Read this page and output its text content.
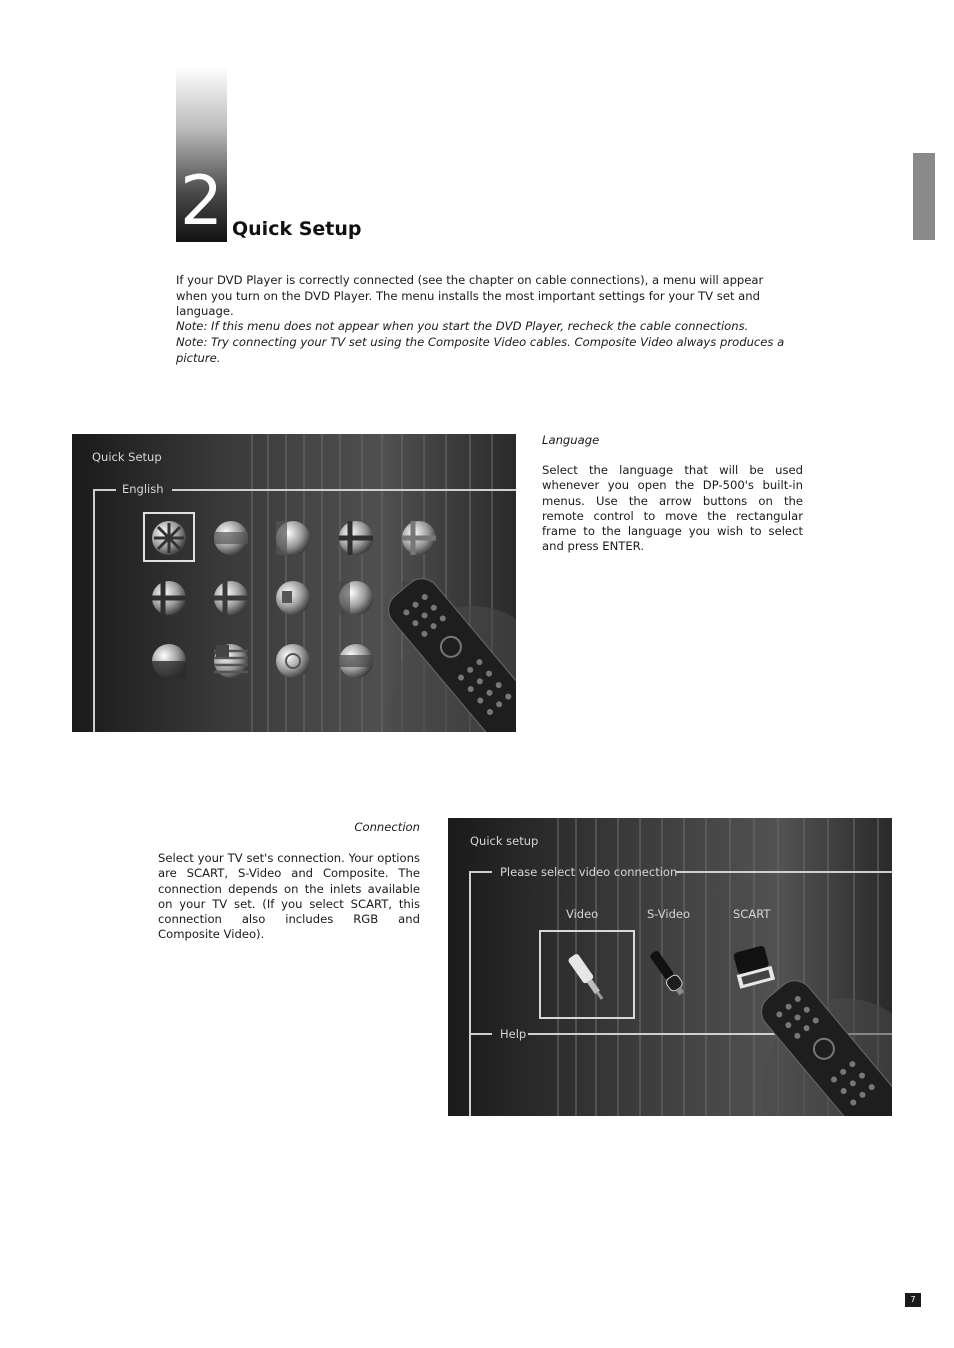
2 Quick Setup

If your DVD Player is correctly connected (see the chapter on cable connections), a menu will appear when you turn on the DVD Player. The menu installs the most important settings for your TV set and language.

Note: If this menu does not appear when you start the DVD Player, recheck the cable connections.

Note: Try connecting your TV set using the Composite Video cables. Composite Video always produces a picture.

Quick Setup
English

Language

Select the language that will be used whenever you open the DP-500's built-in menus. Use the arrow buttons on the remote control to move the rectangular frame to the language you wish to select and press ENTER.

Connection

Select your TV set's connection. Your options are SCART, S-Video and Composite. The connection depends on the inlets available on your TV set. (If you select SCART, this connection also includes RGB and Composite Video).

Quick setup
Please select video connection
Video	S-Video	SCART
Help
7
